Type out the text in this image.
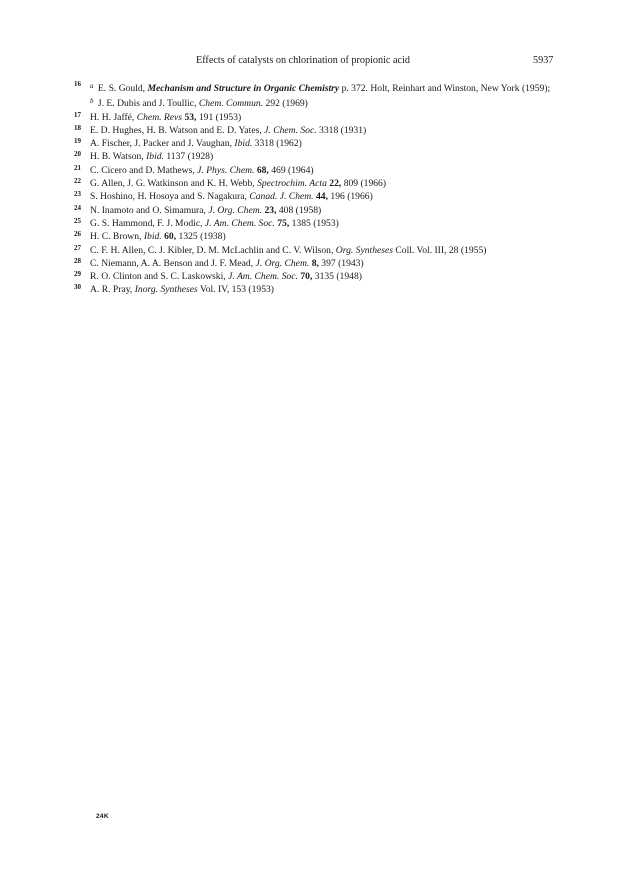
Effects of catalysts on chlorination of propionic acid	5937
16 $^a$ E. S. Gould, Mechanism and Structure in Organic Chemistry p. 372. Holt, Reinhart and Winston, New York (1959);
$^b$ J. E. Dubis and J. Toullic, Chem. Commun. 292 (1969)
17 H. H. Jaffé, Chem. Revs 53, 191 (1953)
18 E. D. Hughes, H. B. Watson and E. D. Yates, J. Chem. Soc. 3318 (1931)
19 A. Fischer, J. Packer and J. Vaughan, Ibid. 3318 (1962)
20 H. B. Watson, Ibid. 1137 (1928)
21 C. Cicero and D. Mathews, J. Phys. Chem. 68, 469 (1964)
22 G. Allen, J. G. Watkinson and K. H. Webb, Spectrochim. Acta 22, 809 (1966)
23 S. Hoshino, H. Hosoya and S. Nagakura, Canad. J. Chem. 44, 196 (1966)
24 N. Inamoto and O. Simamura, J. Org. Chem. 23, 408 (1958)
25 G. S. Hammond, F. J. Modic, J. Am. Chem. Soc. 75, 1385 (1953)
26 H. C. Brown, Ibid. 60, 1325 (1938)
27 C. F. H. Allen, C. J. Kibler, D. M. McLachlin and C. V. Wilson, Org. Syntheses Coll. Vol. III, 28 (1955)
28 C. Niemann, A. A. Benson and J. F. Mead, J. Org. Chem. 8, 397 (1943)
29 R. O. Clinton and S. C. Laskowski, J. Am. Chem. Soc. 70, 3135 (1948)
30 A. R. Pray, Inorg. Syntheses Vol. IV, 153 (1953)
24K
